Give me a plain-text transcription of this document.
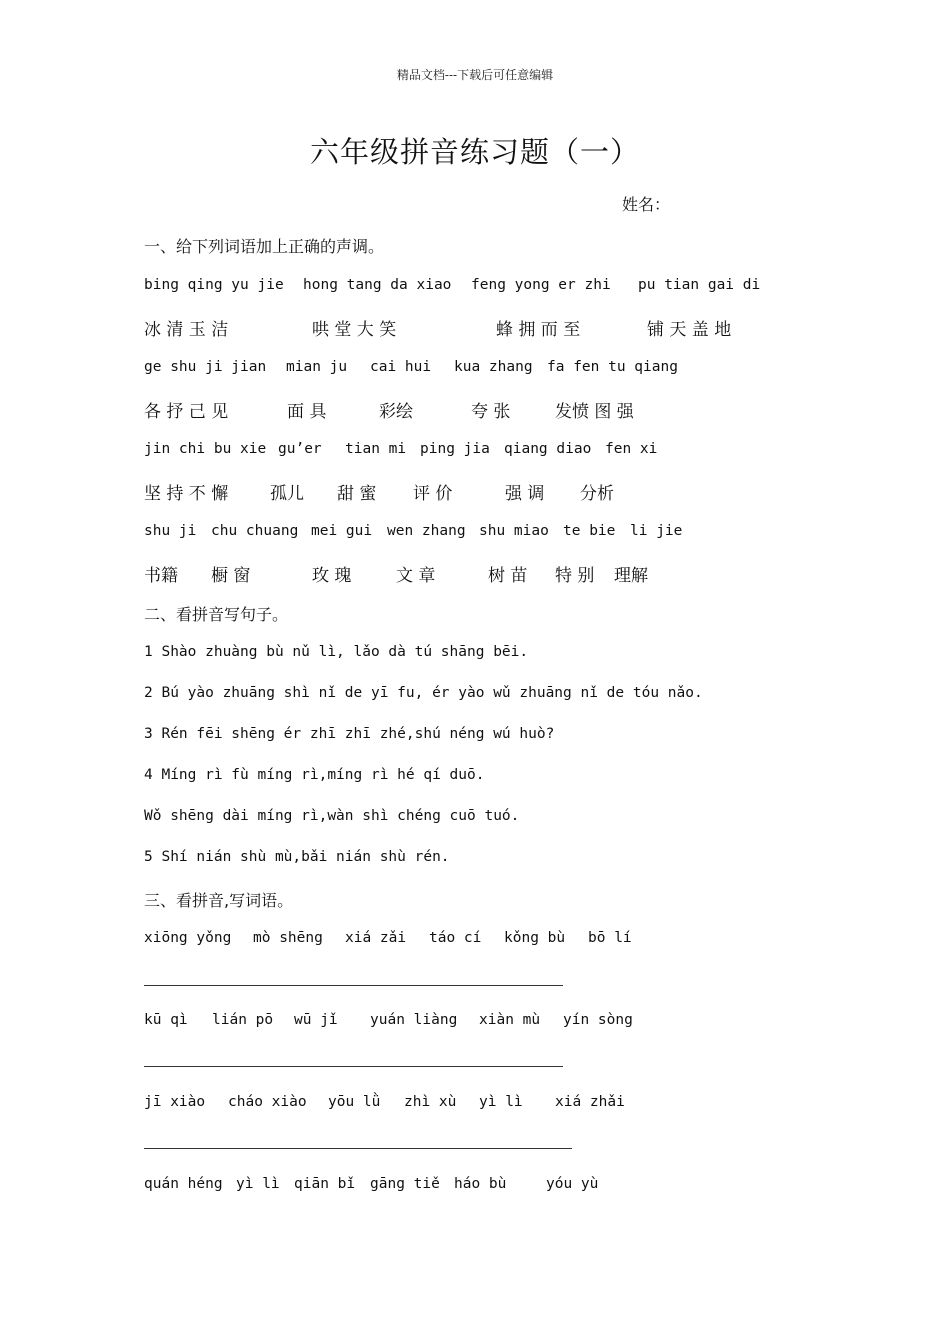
精品文档---下载后可任意编辑
六年级拼音练习题（一）
姓名：
一、给下列词语加上正确的声调。
bing qing yu jie hong tang da xiao feng yong er zhi pu tian gai di
冰 清 玉 洁	哄 堂 大 笑	蜂 拥 而 至	铺 天 盖 地
ge shu ji jian mian ju cai hui kua zhang fa fen tu qiang
各 抒 己 见	面 具	彩绘	夸 张	发愤 图 强
jin chi bu xie gu’er tian mi ping jia qiang diao fen xi
坚 持 不 懈 孤儿 甜 蜜 评 价	强 调 分析
shu ji chu chuang mei gui wen zhang shu miao te bie li jie
书籍 橱 窗	玫 瑰	文 章	树 苗 特 别 理解
二、看拼音写句子。
1 Shào zhuàng bù nǔ lì, lǎo dà tú shāng bēi.
2 Bú yào zhuāng shì nǐ de yī fu, ér yào wǔ zhuāng nǐ de tóu nǎo.
3 Rén fēi shēng ér zhī zhī zhé,shú néng wú huò?
4 Míng rì fù míng rì,míng rì hé qí duō.
Wǒ shēng dài míng rì,wàn shì chéng cuō tuó.
5 Shí nián shù mù,bǎi nián shù rén.
三、看拼音,写词语。
xiōng yǒng mò shēng xiá zǎi táo cí kǒng bù bō lí
kū qì lián pō wū jǐ yuán liàng xiàn mù yín sòng
jī xiào cháo xiào yōu lǜ zhì xù yì lì xiá zhǎi
quán héng yì lì qiān bǐ gāng tiě háo bù	yóu yù
